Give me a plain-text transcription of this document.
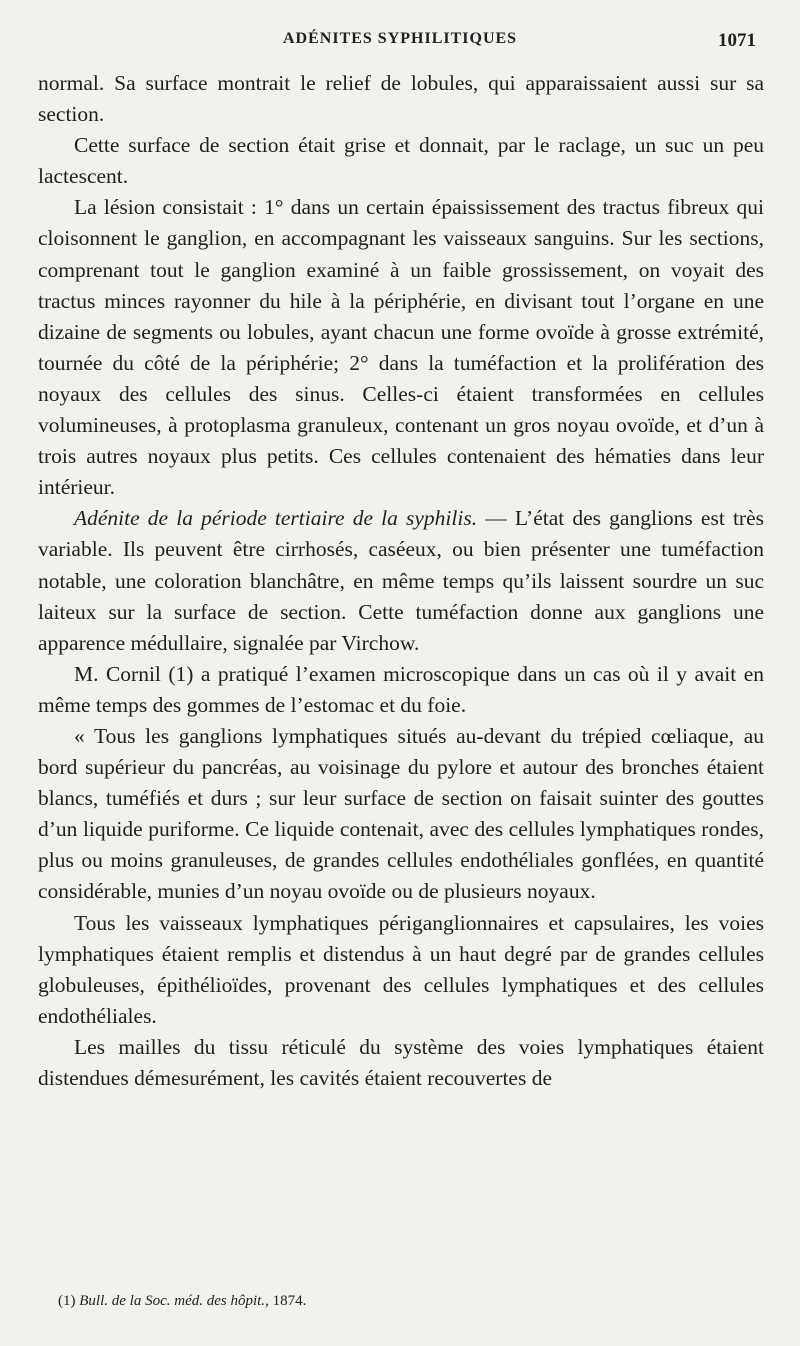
ADÉNITES SYPHILITIQUES	1071

normal. Sa surface montrait le relief de lobules, qui apparaissaient aussi sur sa section.

Cette surface de section était grise et donnait, par le raclage, un suc un peu lactescent.

La lésion consistait : 1° dans un certain épaississement des tractus fibreux qui cloisonnent le ganglion, en accompagnant les vaisseaux sanguins. Sur les sections, comprenant tout le ganglion examiné à un faible grossissement, on voyait des tractus minces rayonner du hile à la périphérie, en divisant tout l’organe en une dizaine de segments ou lobules, ayant chacun une forme ovoïde à grosse extrémité, tournée du côté de la périphérie; 2° dans la tuméfaction et la prolifération des noyaux des cellules des sinus. Celles-ci étaient transformées en cellules volumineuses, à protoplasma granuleux, contenant un gros noyau ovoïde, et d’un à trois autres noyaux plus petits. Ces cellules contenaient des hématies dans leur intérieur.

Adénite de la période tertiaire de la syphilis. — L’état des ganglions est très variable. Ils peuvent être cirrhosés, caséeux, ou bien présenter une tuméfaction notable, une coloration blanchâtre, en même temps qu’ils laissent sourdre un suc laiteux sur la surface de section. Cette tuméfaction donne aux ganglions une apparence médullaire, signalée par Virchow.

M. Cornil (1) a pratiqué l’examen microscopique dans un cas où il y avait en même temps des gommes de l’estomac et du foie.

« Tous les ganglions lymphatiques situés au-devant du trépied cœliaque, au bord supérieur du pancréas, au voisinage du pylore et autour des bronches étaient blancs, tuméfiés et durs ; sur leur surface de section on faisait suinter des gouttes d’un liquide puriforme. Ce liquide contenait, avec des cellules lymphatiques rondes, plus ou moins granuleuses, de grandes cellules endothéliales gonflées, en quantité considérable, munies d’un noyau ovoïde ou de plusieurs noyaux.

Tous les vaisseaux lymphatiques périganglionnaires et capsulaires, les voies lymphatiques étaient remplis et distendus à un haut degré par de grandes cellules globuleuses, épithélioïdes, provenant des cellules lymphatiques et des cellules endothéliales.

Les mailles du tissu réticulé du système des voies lymphatiques étaient distendues démesurément, les cavités étaient recouvertes de

(1) Bull. de la Soc. méd. des hôpit., 1874.
